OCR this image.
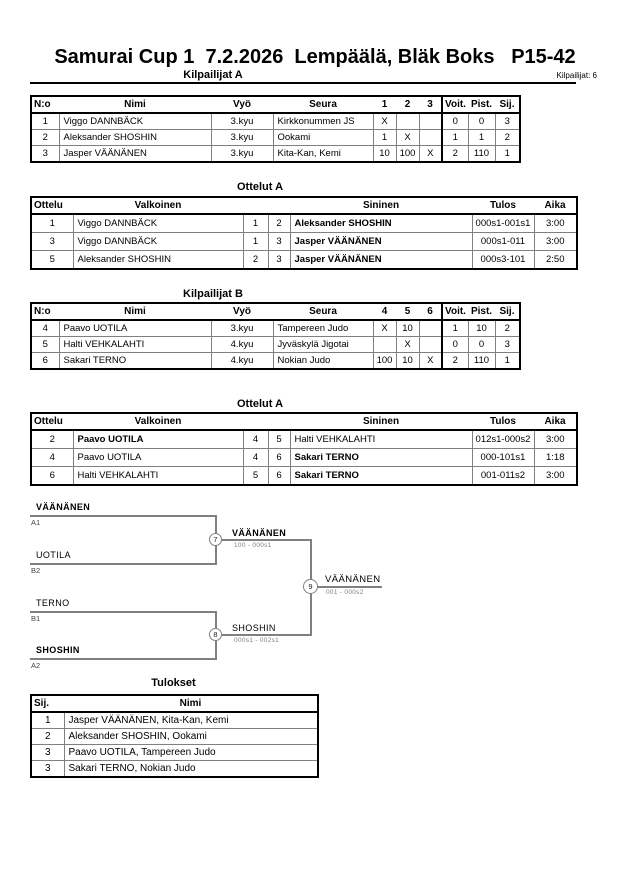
Samurai Cup 1  7.2.2026  Lempäälä, Bläk Boks   P15-42
Kilpailijat A	Kilpailijat: 6
N:o	Nimi	Vyö	Seura	1	2	3	Voit.	Pist.	Sij.
1	Viggo DANNBÄCK	3.kyu	Kirkkonummen JS	X			0	0	3
2	Aleksander SHOSHIN	3.kyu	Ookami	1	X		1	1	2
3	Jasper VÄÄNÄNEN	3.kyu	Kita-Kan, Kemi	10	100	X	2	110	1
Ottelut A
Ottelu	Valkoinen			Sininen	Tulos	Aika
1	Viggo DANNBÄCK	1	2	Aleksander SHOSHIN	000s1-001s1	3:00
3	Viggo DANNBÄCK	1	3	Jasper VÄÄNÄNEN	000s1-011	3:00
5	Aleksander SHOSHIN	2	3	Jasper VÄÄNÄNEN	000s3-101	2:50
Kilpailijat B
N:o	Nimi	Vyö	Seura	4	5	6	Voit.	Pist.	Sij.
4	Paavo UOTILA	3.kyu	Tampereen Judo	X	10		1	10	2
5	Halti VEHKALAHTI	4.kyu	Jyväskylä Jigotai		X		0	0	3
6	Sakari TERNO	4.kyu	Nokian Judo	100	10	X	2	110	1
Ottelut A
Ottelu	Valkoinen			Sininen	Tulos	Aika
2	Paavo UOTILA	4	5	Halti VEHKALAHTI	012s1-000s2	3:00
4	Paavo UOTILA	4	6	Sakari TERNO	000-101s1	1:18
6	Halti VEHKALAHTI	5	6	Sakari TERNO	001-011s2	3:00
VÄÄNÄNEN
A1
UOTILA
B2
7
VÄÄNÄNEN
100 - 000s1
TERNO
B1
SHOSHIN
A2
8
SHOSHIN
000s1 - 002s1
9
VÄÄNÄNEN
001 - 000s2
Tulokset
Sij.	Nimi
1	Jasper VÄÄNÄNEN, Kita-Kan, Kemi
2	Aleksander SHOSHIN, Ookami
3	Paavo UOTILA, Tampereen Judo
3	Sakari TERNO, Nokian Judo
